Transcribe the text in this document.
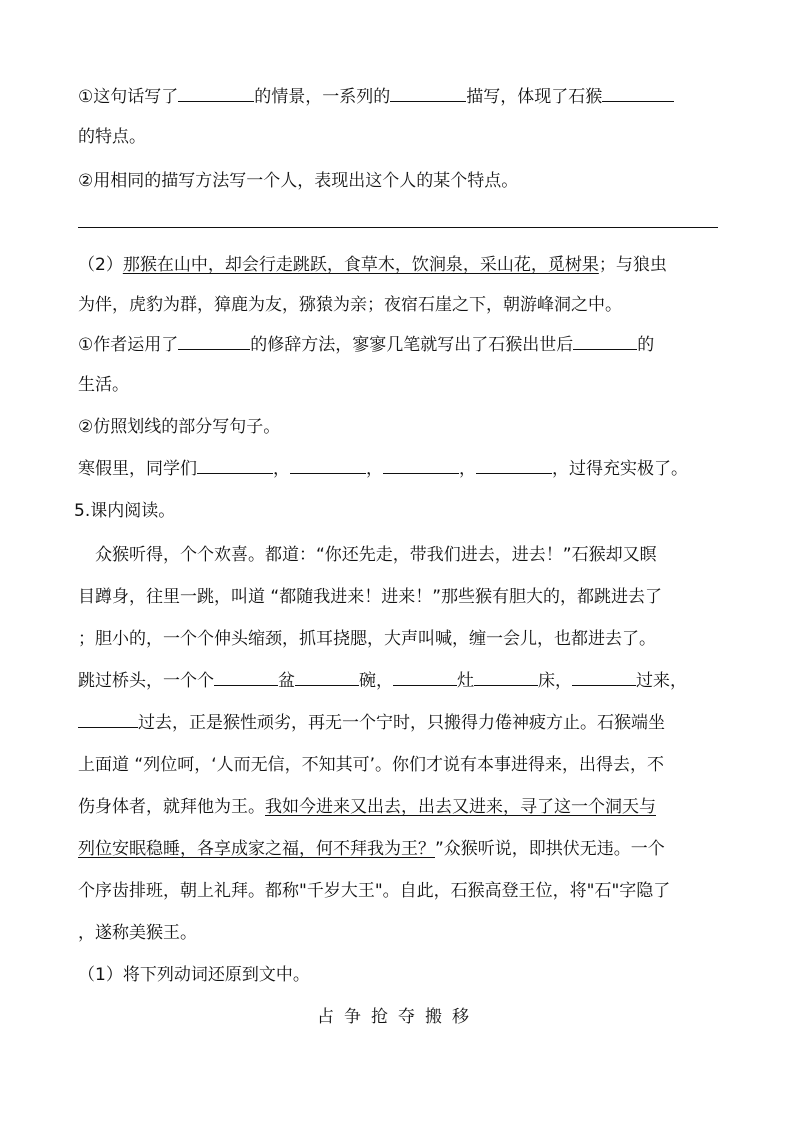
①这句话写了	的情景，一系列的	描写，体现了石猴
的特点。
②用相同的描写方法写一个人，表现出这个人的某个特点。
（2）那猴在山中，却会行走跳跃，食草木，饮涧泉，采山花，觅树果；与狼虫
为伴，虎豹为群，獐鹿为友，猕猿为亲；夜宿石崖之下，朝游峰洞之中。
①作者运用了	的修辞方法，寥寥几笔就写出了石猴出世后	的
生活。
②仿照划线的部分写句子。
寒假里，同学们	，	，	，	，过得充实极了。
5.课内阅读。
众猴听得，个个欢喜。都道：“你还先走，带我们进去，进去！”石猴却又瞑
目蹲身，往里一跳，叫道 “都随我进来！进来！”那些猴有胆大的，都跳进去了
；胆小的，一个个伸头缩颈，抓耳挠腮，大声叫喊，缠一会儿，也都进去了。
跳过桥头，一个个	盆	碗，	灶	床，	过来，
过去，正是猴性顽劣，再无一个宁时，只搬得力倦神疲方止。石猴端坐
上面道 “列位呵，‘人而无信，不知其可’。你们才说有本事进得来，出得去，不
伤身体者，就拜他为王。我如今进来又出去，出去又进来，寻了这一个洞天与
列位安眠稳睡，各享成家之福，何不拜我为王？”众猴听说，即拱伏无违。一个
个序齿排班，朝上礼拜。都称"千岁大王"。自此，石猴高登王位，将"石"字隐了
，遂称美猴王。
（1）将下列动词还原到文中。
占争抢夺搬移
